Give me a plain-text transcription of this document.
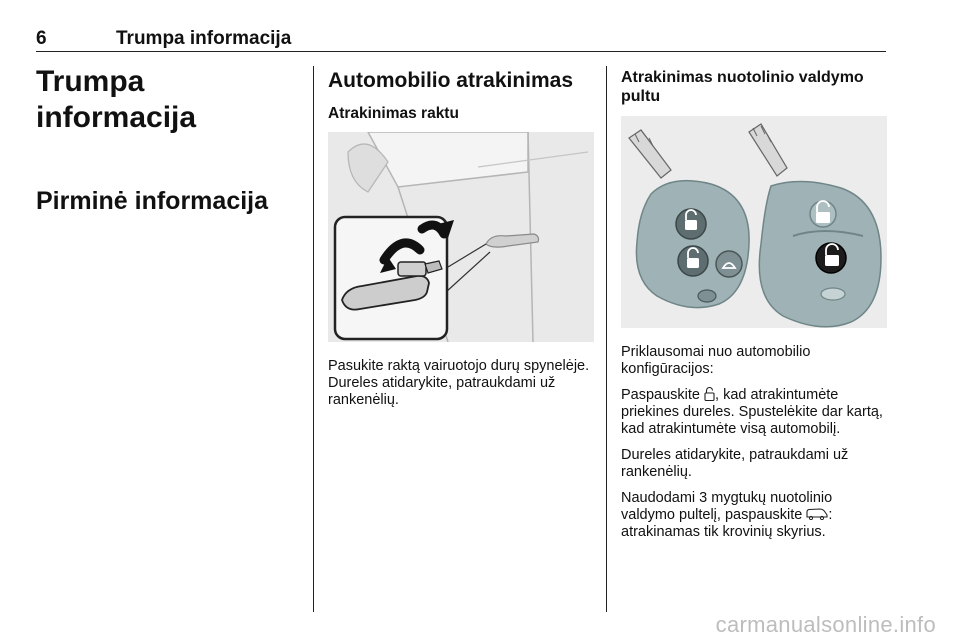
6	Trumpa informacija
Trumpa informacija
Pirminė informacija
Automobilio atrakinimas
Atrakinimas raktu

Pasukite raktą vairuotojo durų spynelėje. Dureles atidarykite, patraukdami už rankenėlių.

Atrakinimas nuotolinio valdymo pultu

Priklausomai nuo automobilio konfigūracijos:

Paspauskite , kad atrakintumėte priekines dureles. Spustelėkite dar kartą, kad atrakintumėte visą automobilį.

Dureles atidarykite, patraukdami už rankenėlių.

Naudodami 3 mygtukų nuotolinio valdymo pultelį, paspauskite : atrakinamas tik krovinių skyrius.

carmanualsonline.info
